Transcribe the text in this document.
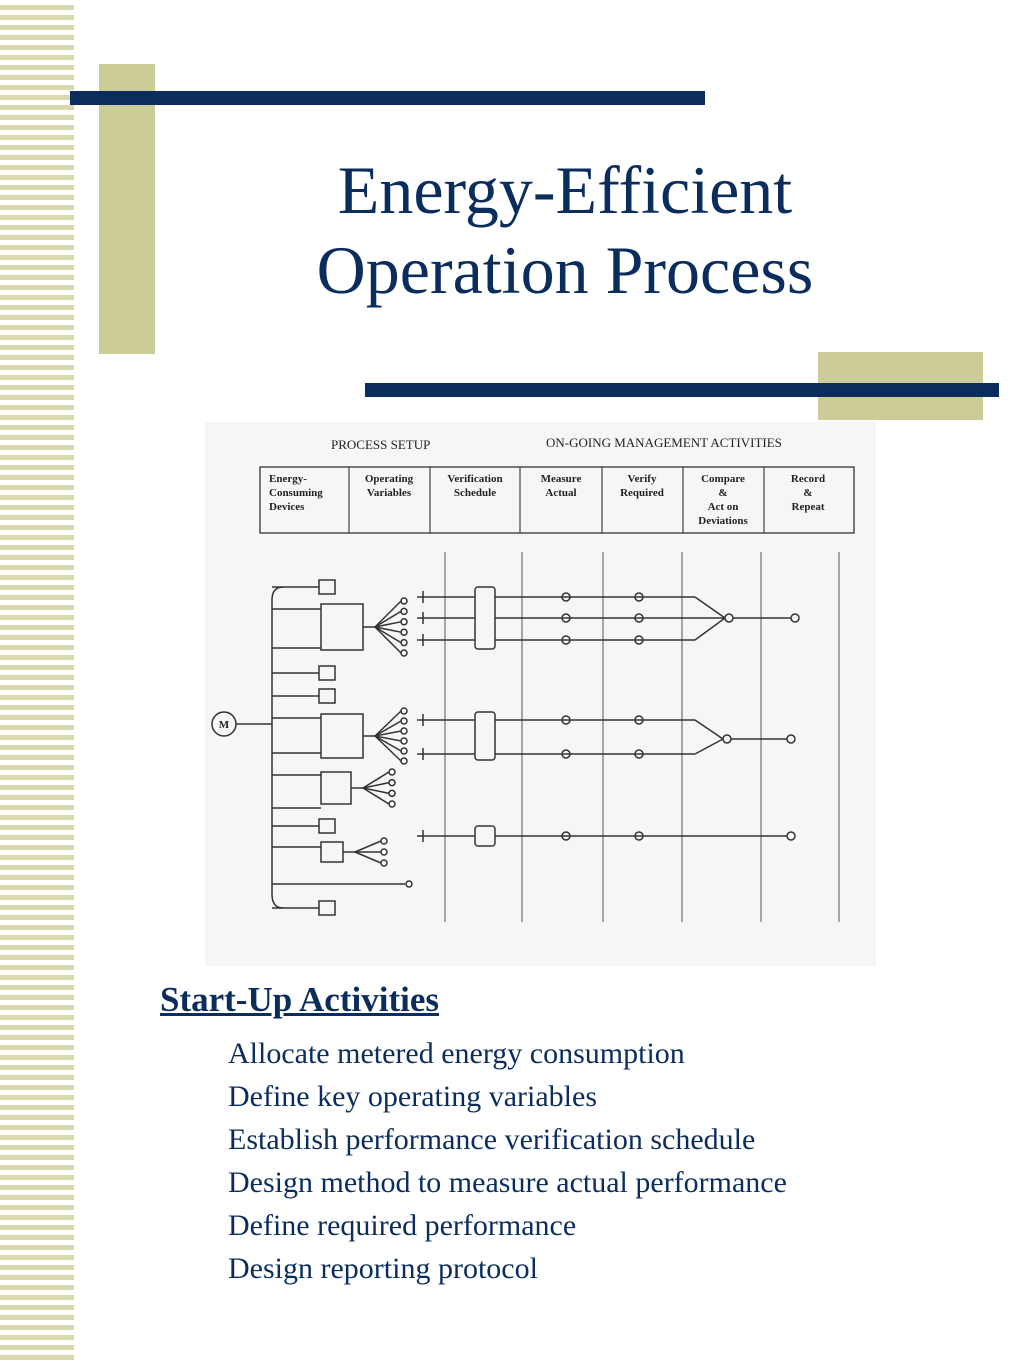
Energy-Efficient
Operation Process
PROCESS SETUP	ON-GOING MANAGEMENT ACTIVITIES
Energy-Consuming Devices
Operating Variables
Verification Schedule
Measure Actual
Verify Required
Compare & Act on Deviations
Record & Repeat
M
Start-Up Activities
Allocate metered energy consumption
Define key operating variables
Establish performance verification schedule
Design method to measure actual performance
Define required performance
Design reporting protocol
